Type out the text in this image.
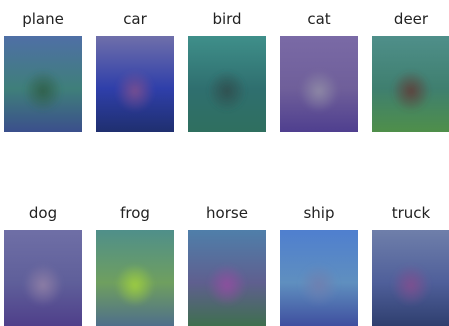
plane	car	bird	cat	deer
dog	frog	horse	ship	truck
